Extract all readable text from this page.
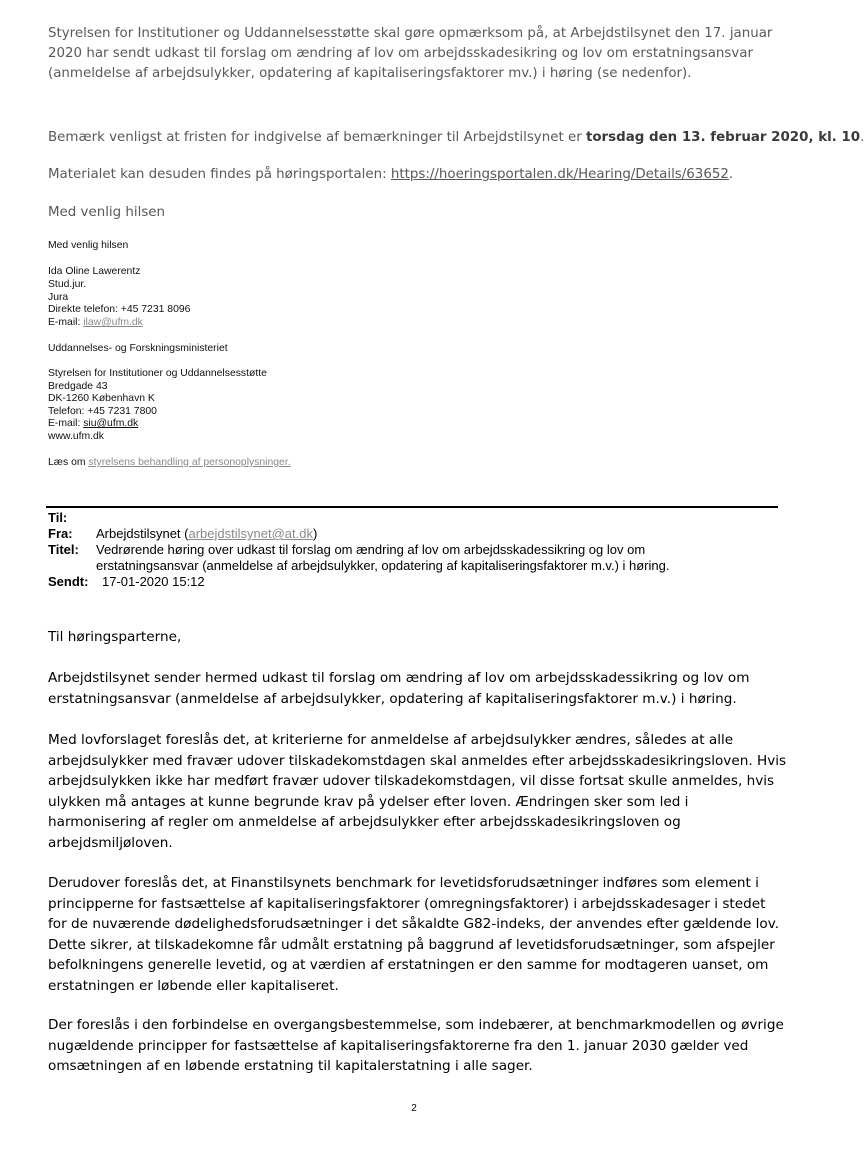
Styrelsen for Institutioner og Uddannelsesstøtte skal gøre opmærksom på, at Arbejdstilsynet den 17. januar 2020 har sendt udkast til forslag om ændring af lov om arbejdsskadesikring og lov om erstatningsansvar (anmeldelse af arbejdsulykker, opdatering af kapitaliseringsfaktorer mv.) i høring (se nedenfor).
Bemærk venligst at fristen for indgivelse af bemærkninger til Arbejdstilsynet er torsdag den 13. februar 2020, kl. 10.
Materialet kan desuden findes på høringsportalen: https://hoeringsportalen.dk/Hearing/Details/63652.
Med venlig hilsen
Med venlig hilsen
Ida Oline Lawerentz
Stud.jur.
Jura
Direkte telefon: +45 7231 8096
E-mail: ilaw@ufm.dk
Uddannelses- og Forskningsministeriet
Styrelsen for Institutioner og Uddannelsesstøtte
Bredgade 43
DK-1260 København K
Telefon: +45 7231 7800
E-mail: siu@ufm.dk
www.ufm.dk
Læs om styrelsens behandling af personoplysninger.
Til:
Fra: Arbejdstilsynet (arbejdstilsynet@at.dk)
Titel: Vedrørende høring over udkast til forslag om ændring af lov om arbejdsskadessikring og lov om
erstatningsansvar (anmeldelse af arbejdsulykker, opdatering af kapitaliseringsfaktorer m.v.) i høring.
Sendt: 17-01-2020 15:12
Til høringsparterne,
Arbejdstilsynet sender hermed udkast til forslag om ændring af lov om arbejdsskadessikring og lov om erstatningsansvar (anmeldelse af arbejdsulykker, opdatering af kapitaliseringsfaktorer m.v.) i høring.
Med lovforslaget foreslås det, at kriterierne for anmeldelse af arbejdsulykker ændres, således at alle arbejdsulykker med fravær udover tilskadekomstdagen skal anmeldes efter arbejdsskadesikringsloven. Hvis arbejdsulykken ikke har medført fravær udover tilskadekomstdagen, vil disse fortsat skulle anmeldes, hvis ulykken må antages at kunne begrunde krav på ydelser efter loven. Ændringen sker som led i harmonisering af regler om anmeldelse af arbejdsulykker efter arbejdsskadesikringsloven og arbejdsmiljøloven.
Derudover foreslås det, at Finanstilsynets benchmark for levetidsforudsætninger indføres som element i principperne for fastsættelse af kapitaliseringsfaktorer (omregningsfaktorer) i arbejdsskadesager i stedet for de nuværende dødelighedsforudsætninger i det såkaldte G82-indeks, der anvendes efter gældende lov. Dette sikrer, at tilskadekomne får udmålt erstatning på baggrund af levetidsforudsætninger, som afspejler befolkningens generelle levetid, og at værdien af erstatningen er den samme for modtageren uanset, om erstatningen er løbende eller kapitaliseret.
Der foreslås i den forbindelse en overgangsbestemmelse, som indebærer, at benchmarkmodellen og øvrige nugældende principper for fastsættelse af kapitaliseringsfaktorerne fra den 1. januar 2030 gælder ved omsætningen af en løbende erstatning til kapitalerstatning i alle sager.
2
